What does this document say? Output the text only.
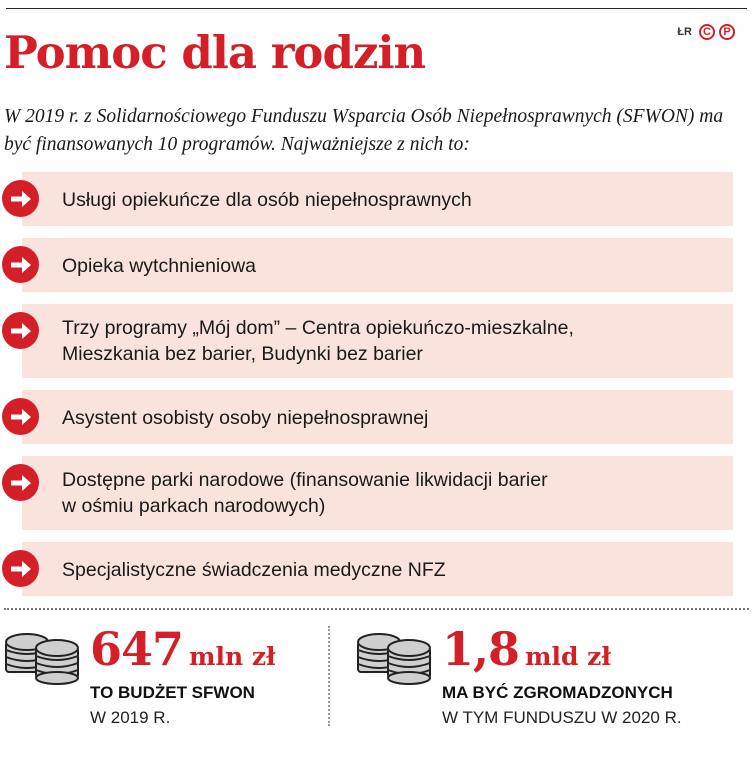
ŁR	C	P
Pomoc dla rodzin

W 2019 r. z Solidarnościowego Funduszu Wsparcia Osób Niepełnosprawnych (SFWON) ma być finansowanych 10 programów. Najważniejsze z nich to:

Usługi opiekuńcze dla osób niepełnosprawnych
Opieka wytchnieniowa
Trzy programy „Mój dom” – Centra opiekuńczo-mieszkalne,
Mieszkania bez barier, Budynki bez barier
Asystent osobisty osoby niepełnosprawnej
Dostępne parki narodowe (finansowanie likwidacji barier
w ośmiu parkach narodowych)
Specjalistyczne świadczenia medyczne NFZ
647 mln zł
TO BUDŻET SFWON
W 2019 R.
1,8 mld zł
MA BYĆ ZGROMADZONYCH
W TYM FUNDUSZU W 2020 R.
